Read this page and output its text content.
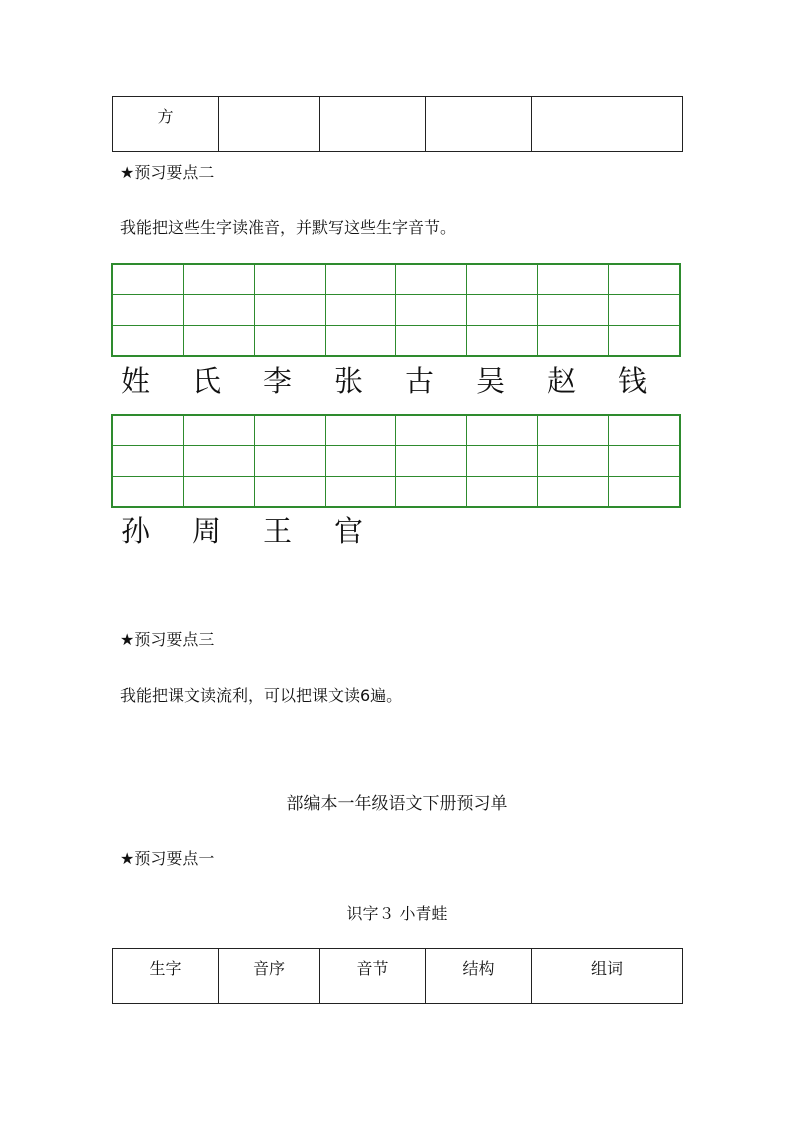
方				
★预习要点二
我能把这些生字读准音，并默写这些生字音节。

姓	氏	李	张	古	吴	赵	钱

孙	周	王	官
★预习要点三
我能把课文读流利，可以把课文读6遍。
部编本一年级语文下册预习单
★预习要点一
识字３ 小青蛙
生字	音序	音节	结构	组词
